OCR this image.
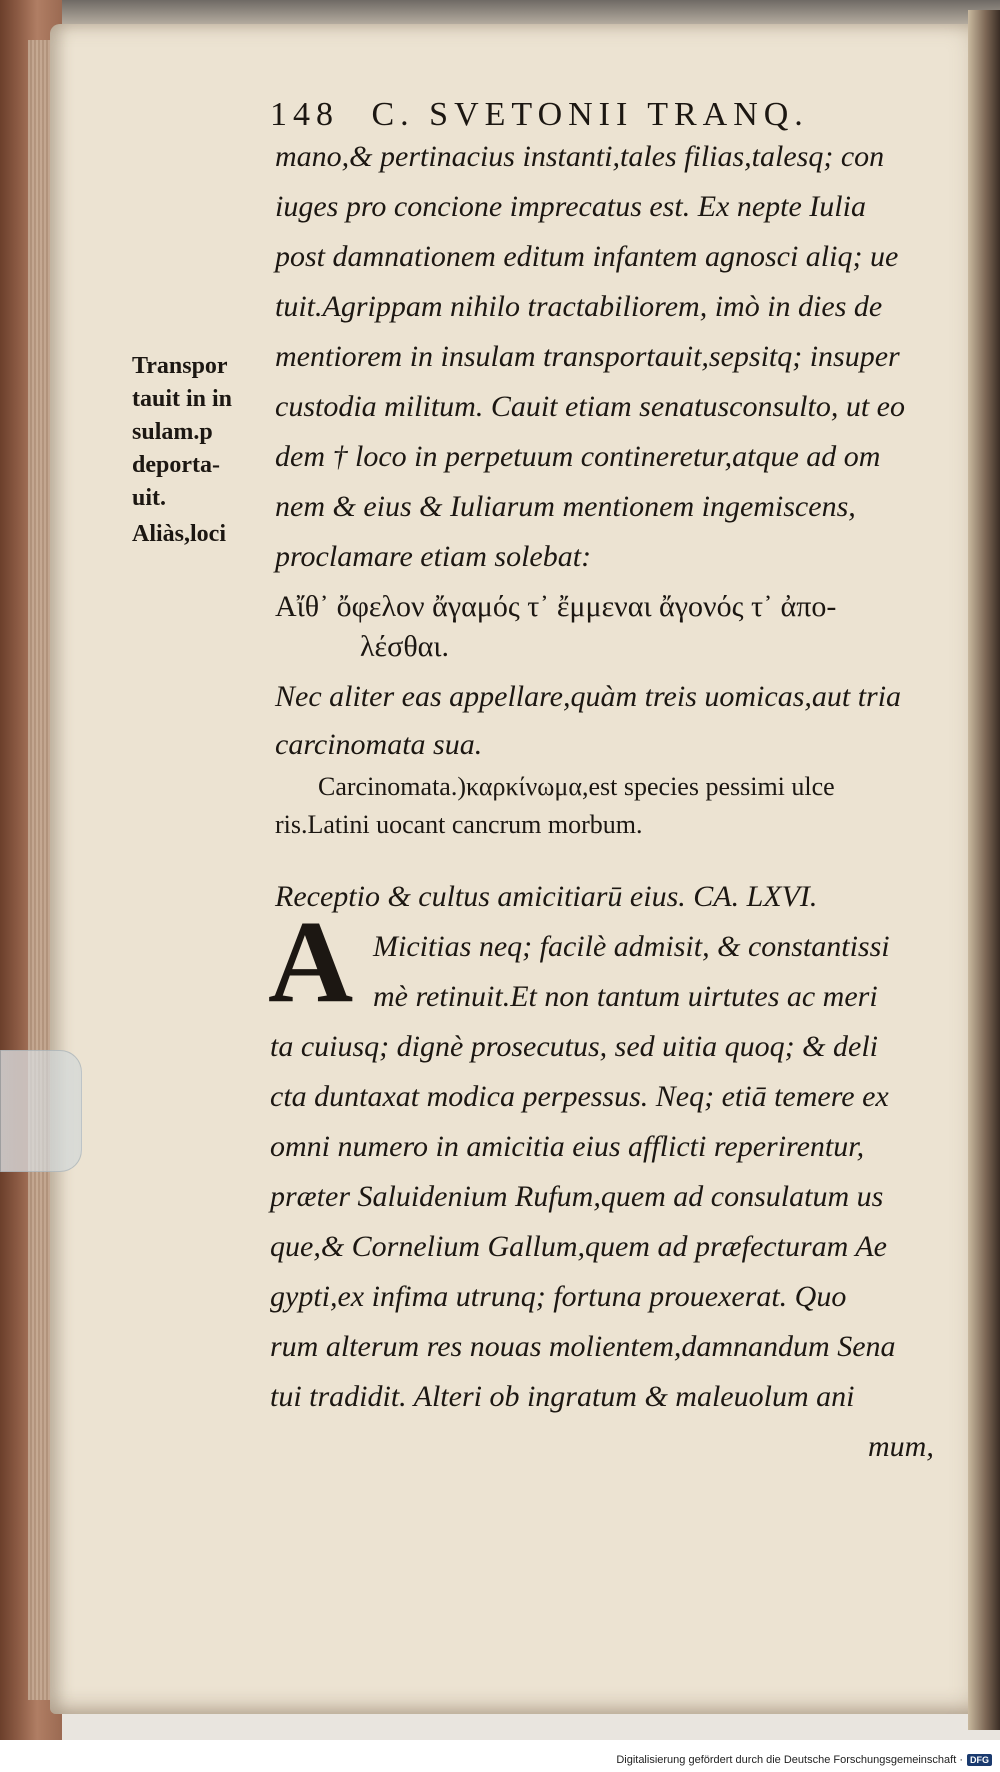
148 C. SVETONII TRANQ.
mano,& pertinacius instanti,tales filias,talesq; con
iuges pro concione imprecatus est. Ex nepte Iulia
post damnationem editum infantem agnosci aliq; ue
tuit.Agrippam nihilo tractabiliorem, imò in dies de
mentiorem in insulam transportauit,sepsitq; insuper
custodia militum. Cauit etiam senatusconsulto, ut eo
dem † loco in perpetuum contineretur,atque ad om
nem & eius & Iuliarum mentionem ingemiscens,
proclamare etiam solebat:
Αἴθ᾽ ὄφελον ἄγαμός τ᾽ ἔμμεναι ἄγονός τ᾽ ἀπο-
λέσθαι.
Nec aliter eas appellare,quàm treis uomicas,aut tria
carcinomata sua.
Carcinomata.)καρκίνωμα,est species pessimi ulce
ris.Latini uocant cancrum morbum.
Receptio & cultus amicitiarū eius. CA. LXVI.
A Micitias neq; facilè admisit, & constantissi
mè retinuit.Et non tantum uirtutes ac meri
ta cuiusq; dignè prosecutus, sed uitia quoq; & deli
cta duntaxat modica perpessus. Neq; etiā temere ex
omni numero in amicitia eius afflicti reperirentur,
præter Saluidenium Rufum,quem ad consulatum us
que,& Cornelium Gallum,quem ad præfecturam Ae
gypti,ex infima utrunq; fortuna prouexerat. Quo
rum alterum res nouas molientem,damnandum Sena
tui tradidit. Alteri ob ingratum & maleuolum ani
mum,
Transpor
tauit in in
sulam.p
deporta-
uit.
Aliàs,loci
Digitalisierung gefördert durch die Deutsche Forschungsgemeinschaft · DFG
